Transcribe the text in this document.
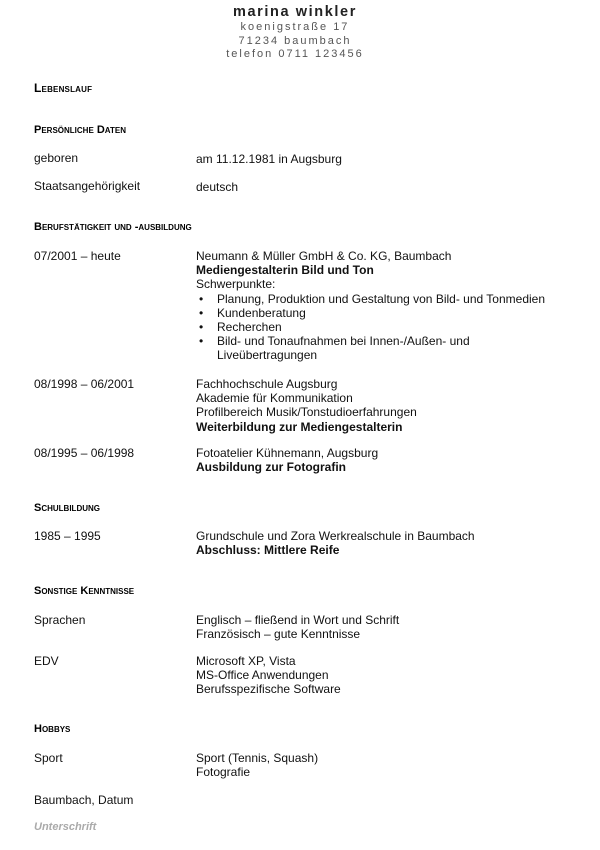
marina winkler
koenigstraße 17
71234 baumbach
telefon 0711 123456
Lebenslauf
Persönliche Daten
geboren	am 11.12.1981 in Augsburg
Staatsangehörigkeit	deutsch
Berufstätigkeit und -ausbildung
07/2001 – heute	Neumann & Müller GmbH & Co. KG, Baumbach
Mediengestalterin Bild und Ton
Schwerpunkte:
• Planung, Produktion und Gestaltung von Bild- und Tonmedien
• Kundenberatung
• Recherchen
• Bild- und Tonaufnahmen bei Innen-/Außen- und Liveübertragungen
08/1998 – 06/2001	Fachhochschule Augsburg
Akademie für Kommunikation
Profilbereich Musik/Tonstudioerfahrungen
Weiterbildung zur Mediengestalterin
08/1995 – 06/1998	Fotoatelier Kühnemann, Augsburg
Ausbildung zur Fotografin
Schulbildung
1985 – 1995	Grundschule und Zora Werkrealschule in Baumbach
Abschluss: Mittlere Reife
Sonstige Kenntnisse
Sprachen	Englisch – fließend in Wort und Schrift
Französisch – gute Kenntnisse
EDV	Microsoft XP, Vista
MS-Office Anwendungen
Berufsspezifische Software
Hobbys
Sport	Sport (Tennis, Squash)
Fotografie
Baumbach, Datum
Unterschrift
